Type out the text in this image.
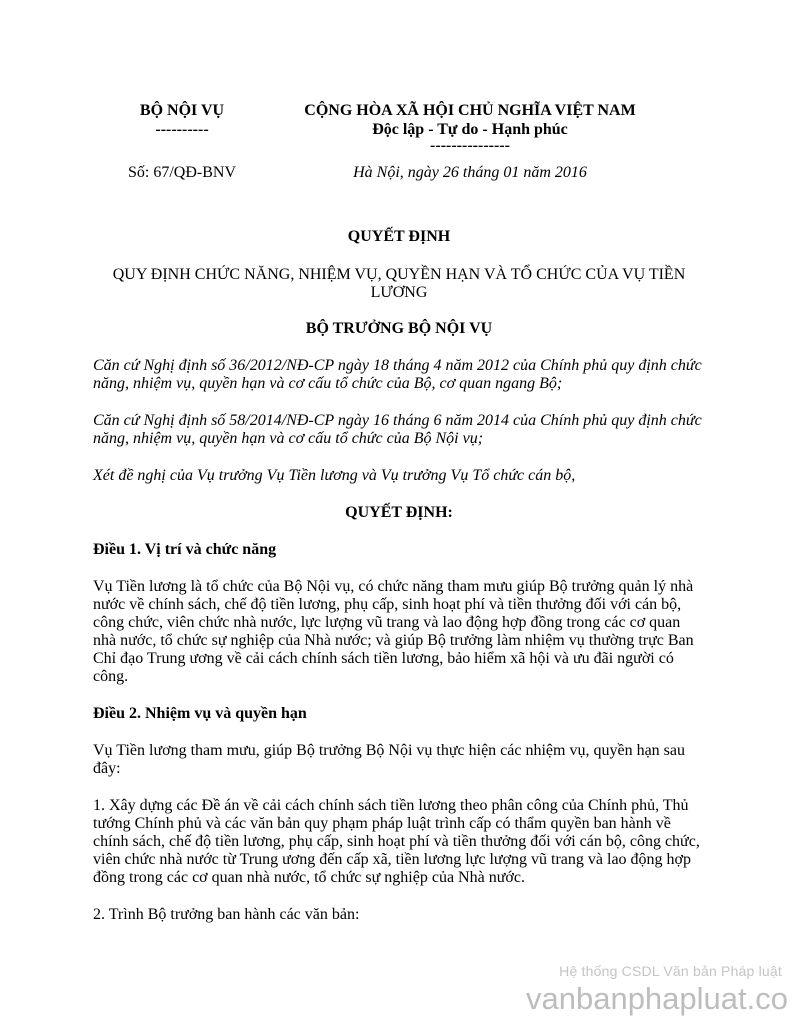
BỘ NỘI VỤ
----------
Số: 67/QĐ-BNV
CỘNG HÒA XÃ HỘI CHỦ NGHĨA VIỆT NAM
Độc lập - Tự do - Hạnh phúc
---------------
Hà Nội, ngày 26 tháng 01 năm 2016

QUYẾT ĐỊNH

QUY ĐỊNH CHỨC NĂNG, NHIỆM VỤ, QUYỀN HẠN VÀ TỔ CHỨC CỦA VỤ TIỀN LƯƠNG

BỘ TRƯỞNG BỘ NỘI VỤ

Căn cứ Nghị định số 36/2012/NĐ-CP ngày 18 tháng 4 năm 2012 của Chính phủ quy định chức năng, nhiệm vụ, quyền hạn và cơ cấu tổ chức của Bộ, cơ quan ngang Bộ;

Căn cứ Nghị định số 58/2014/NĐ-CP ngày 16 tháng 6 năm 2014 của Chính phủ quy định chức năng, nhiệm vụ, quyền hạn và cơ cấu tổ chức của Bộ Nội vụ;

Xét đề nghị của Vụ trưởng Vụ Tiền lương và Vụ trưởng Vụ Tổ chức cán bộ,

QUYẾT ĐỊNH:

Điều 1. Vị trí và chức năng

Vụ Tiền lương là tổ chức của Bộ Nội vụ, có chức năng tham mưu giúp Bộ trưởng quản lý nhà nước về chính sách, chế độ tiền lương, phụ cấp, sinh hoạt phí và tiền thưởng đối với cán bộ, công chức, viên chức nhà nước, lực lượng vũ trang và lao động hợp đồng trong các cơ quan nhà nước, tổ chức sự nghiệp của Nhà nước; và giúp Bộ trưởng làm nhiệm vụ thường trực Ban Chỉ đạo Trung ương về cải cách chính sách tiền lương, bảo hiểm xã hội và ưu đãi người có công.

Điều 2. Nhiệm vụ và quyền hạn

Vụ Tiền lương tham mưu, giúp Bộ trưởng Bộ Nội vụ thực hiện các nhiệm vụ, quyền hạn sau đây:

1. Xây dựng các Đề án về cải cách chính sách tiền lương theo phân công của Chính phủ, Thủ tướng Chính phủ và các văn bản quy phạm pháp luật trình cấp có thẩm quyền ban hành về chính sách, chế độ tiền lương, phụ cấp, sinh hoạt phí và tiền thưởng đối với cán bộ, công chức, viên chức nhà nước từ Trung ương đến cấp xã, tiền lương lực lượng vũ trang và lao động hợp đồng trong các cơ quan nhà nước, tổ chức sự nghiệp của Nhà nước.

2. Trình Bộ trưởng ban hành các văn bản:

Hệ thống CSDL Văn bản Pháp luật
vanbanphapluat.co
